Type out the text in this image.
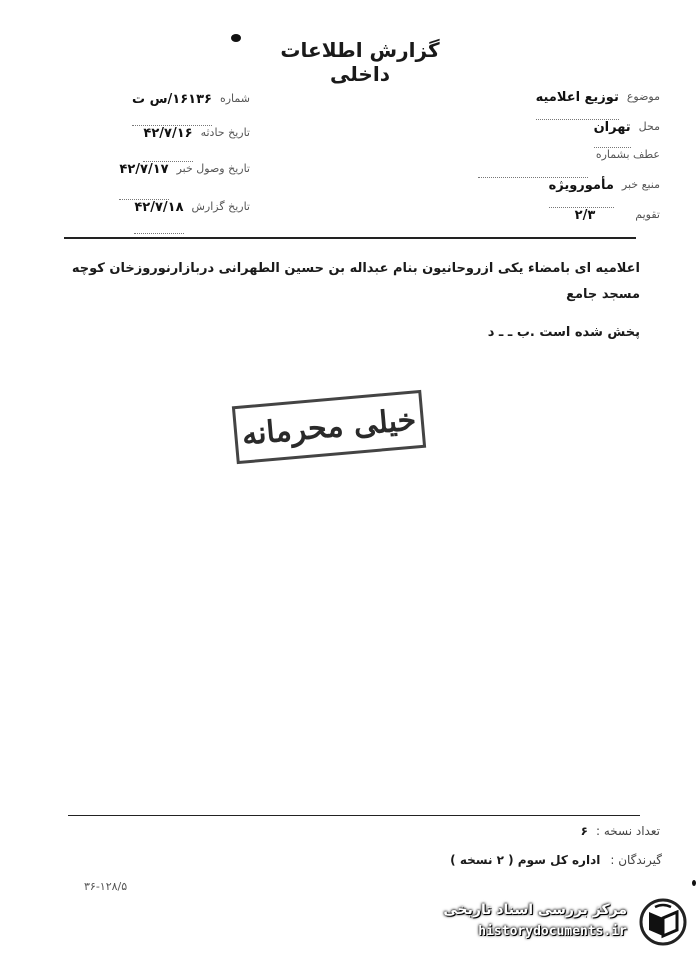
گزارش اطلاعات داخلی
شماره
۱۶۱۳۶/س ت
تاریخ حادثه
۴۲/۷/۱۶
تاریخ وصول خبر
۴۲/۷/۱۷
تاریخ گزارش
۴۲/۷/۱۸
موضوع
توزیع اعلامیه
محل
تهران
عطف بشماره
منبع خبر
مأمورویژه
تقویم
۲/۳
اعلامیه ای بامضاء یکی ازروحانیون بنام عبداله بن حسین الطهرانی دربازارنوروزخان کوچه مسجد جامع
پخش شده است .ب ـ ـ د
خیلی محرمانه
تعداد نسخه :
۶
گیرندگان :
اداره کل سوم ( ۲ نسخه )
۳۶-۱۲۸/۵
مرکز بررسی اسناد تاریخی
historydocuments.ir
